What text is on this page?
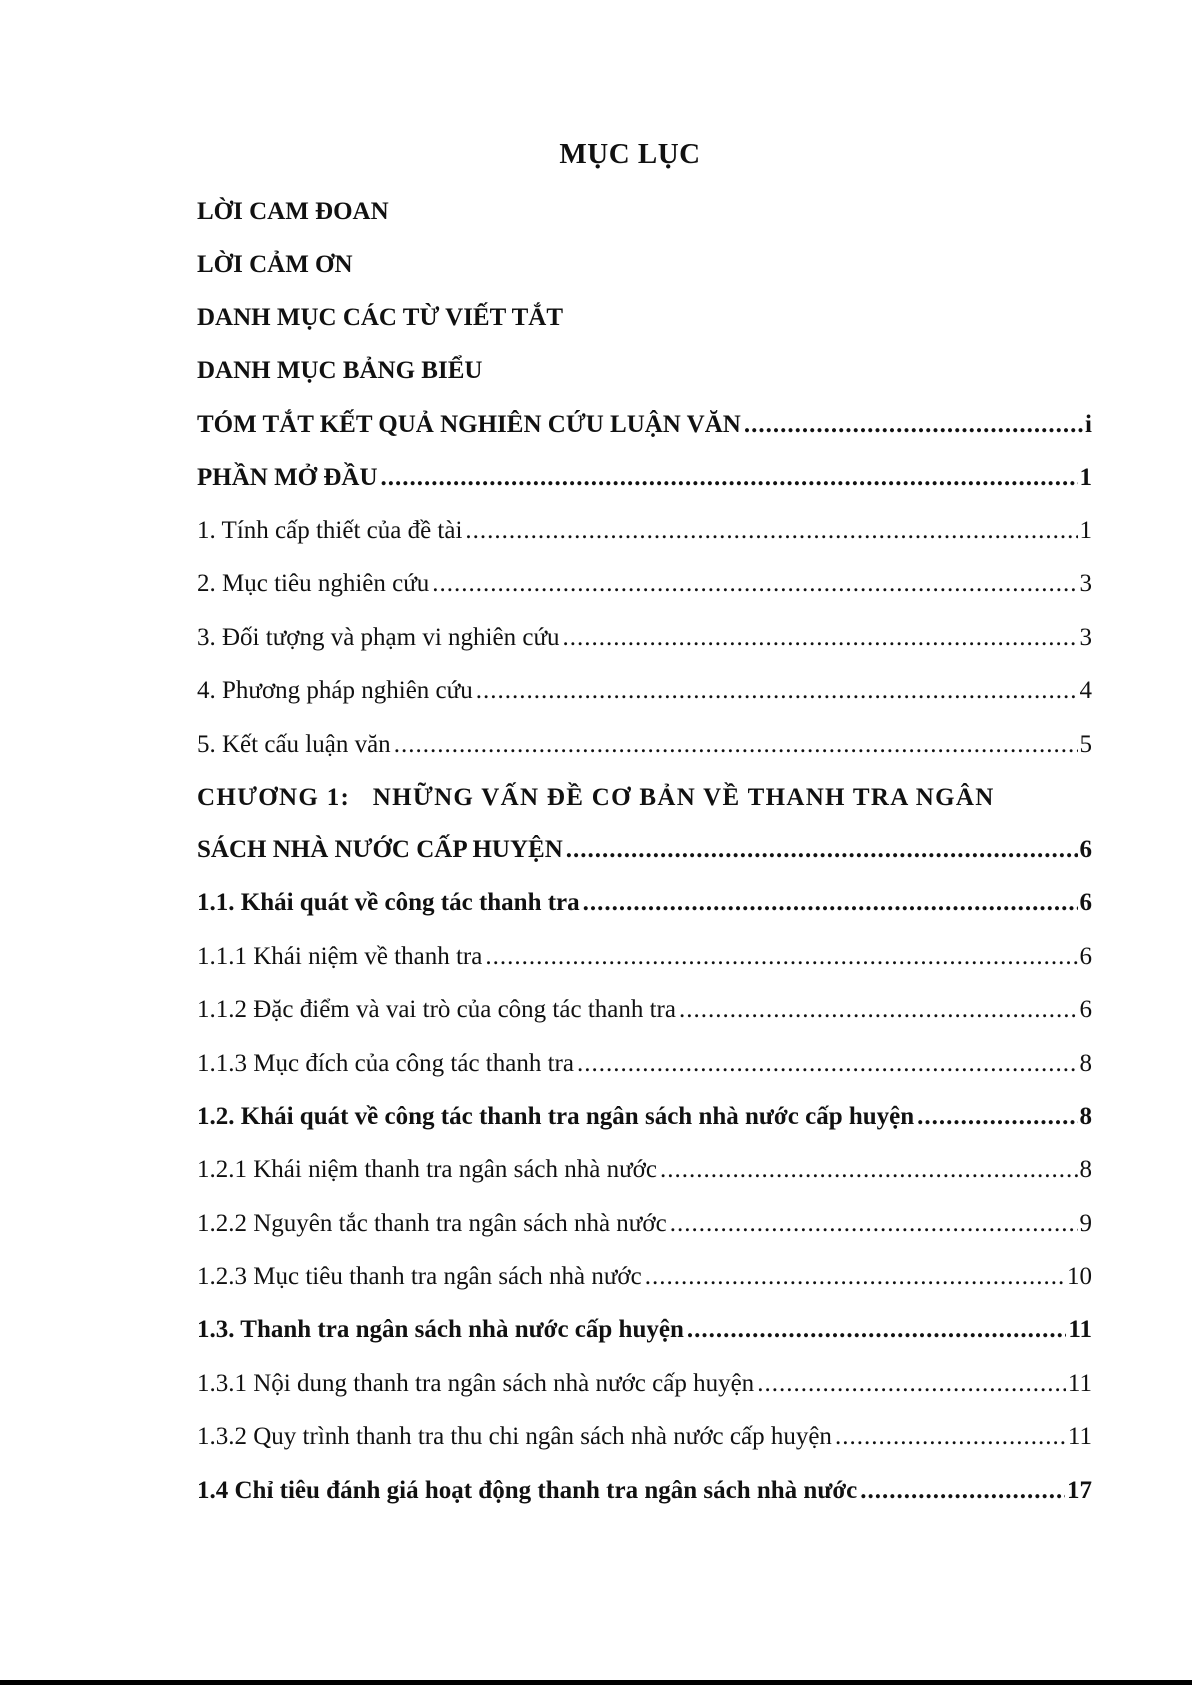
MỤC LỤC
LỜI CAM ĐOAN
LỜI CẢM ƠN
DANH MỤC CÁC TỪ VIẾT TẮT
DANH MỤC BẢNG BIỂU
TÓM TẮT KẾT QUẢ NGHIÊN CỨU LUẬN VĂN .....	i
PHẦN MỞ ĐẦU .....	1
1. Tính cấp thiết của đề tài .....	1
2. Mục tiêu nghiên cứu .....	3
3. Đối tượng và phạm vi nghiên cứu .....	3
4. Phương pháp nghiên cứu .....	4
5. Kết cấu luận văn .....	5
CHƯƠNG 1:   NHỮNG VẤN ĐỀ CƠ BẢN VỀ THANH TRA NGÂN
SÁCH NHÀ NƯỚC CẤP HUYỆN .....	6
1.1. Khái quát về công tác thanh tra .....	6
1.1.1 Khái niệm về thanh tra .....	6
1.1.2 Đặc điểm và vai trò của công tác thanh tra .....	6
1.1.3 Mục đích của công tác thanh tra .....	8
1.2. Khái quát về công tác thanh tra ngân sách nhà nước cấp huyện .....	8
1.2.1 Khái niệm thanh tra ngân sách nhà nước .....	8
1.2.2 Nguyên tắc thanh tra ngân sách nhà nước .....	9
1.2.3 Mục tiêu thanh tra ngân sách nhà nước .....	10
1.3. Thanh tra ngân sách nhà nước cấp huyện .....	11
1.3.1 Nội dung thanh tra ngân sách nhà nước cấp huyện .....	11
1.3.2 Quy trình thanh tra thu chi ngân sách nhà nước cấp huyện .....	11
1.4 Chỉ tiêu đánh giá hoạt động thanh tra ngân sách nhà nước .....	17
